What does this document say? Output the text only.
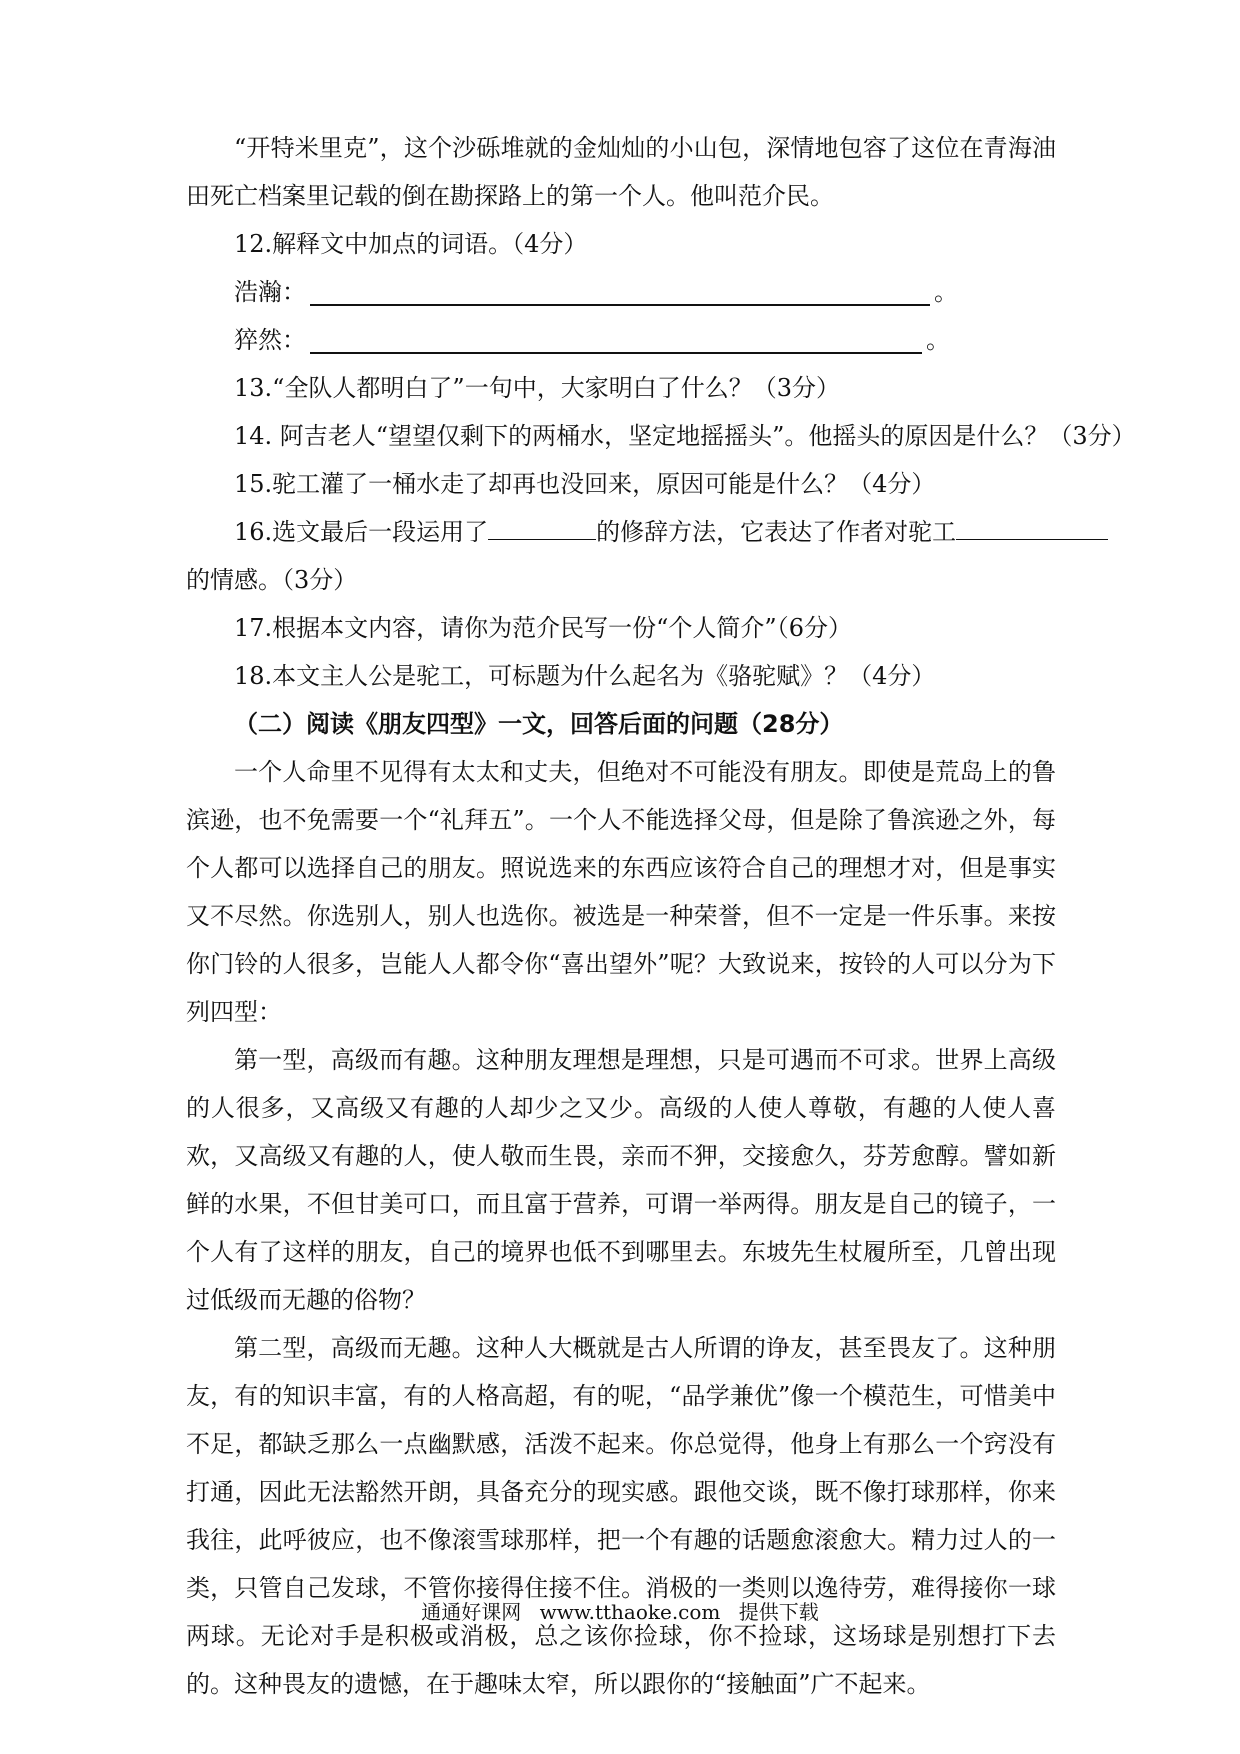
“开特米里克”，这个沙砾堆就的金灿灿的小山包，深情地包容了这位在青海油田死亡档案里记载的倒在勘探路上的第一个人。他叫范介民。

12.解释文中加点的词语。（4分）

浩瀚：	。
猝然：	。

13.“全队人都明白了”一句中，大家明白了什么？（3分）

14. 阿吉老人“望望仅剩下的两桶水，坚定地摇摇头”。他摇头的原因是什么？（3分）

15.驼工灌了一桶水走了却再也没回来，原因可能是什么？（4分）

16.选文最后一段运用了	的修辞方法，它表达了作者对驼工

的情感。（3分）

17.根据本文内容，请你为范介民写一份“个人简介”（6分）

18.本文主人公是驼工，可标题为什么起名为《骆驼赋》？（4分）

（二）阅读《朋友四型》一文，回答后面的问题（28分）

一个人命里不见得有太太和丈夫，但绝对不可能没有朋友。即使是荒岛上的鲁滨逊，也不免需要一个“礼拜五”。一个人不能选择父母，但是除了鲁滨逊之外，每个人都可以选择自己的朋友。照说选来的东西应该符合自己的理想才对，但是事实又不尽然。你选别人，别人也选你。被选是一种荣誉，但不一定是一件乐事。来按你门铃的人很多，岂能人人都令你“喜出望外”呢？大致说来，按铃的人可以分为下列四型：

第一型，高级而有趣。这种朋友理想是理想，只是可遇而不可求。世界上高级的人很多，又高级又有趣的人却少之又少。高级的人使人尊敬，有趣的人使人喜欢，又高级又有趣的人，使人敬而生畏，亲而不狎，交接愈久，芬芳愈醇。譬如新鲜的水果，不但甘美可口，而且富于营养，可谓一举两得。朋友是自己的镜子，一个人有了这样的朋友，自己的境界也低不到哪里去。东坡先生杖履所至，几曾出现过低级而无趣的俗物？

第二型，高级而无趣。这种人大概就是古人所谓的诤友，甚至畏友了。这种朋友，有的知识丰富，有的人格高超，有的呢，“品学兼优”像一个模范生，可惜美中不足，都缺乏那么一点幽默感，活泼不起来。你总觉得，他身上有那么一个窍没有打通，因此无法豁然开朗，具备充分的现实感。跟他交谈，既不像打球那样，你来我往，此呼彼应，也不像滚雪球那样，把一个有趣的话题愈滚愈大。精力过人的一类，只管自己发球，不管你接得住接不住。消极的一类则以逸待劳，难得接你一球两球。无论对手是积极或消极，总之该你捡球，你不捡球，这场球是别想打下去的。这种畏友的遗憾，在于趣味太窄，所以跟你的“接触面”广不起来。

通通好课网 www.tthaoke.com 提供下载
